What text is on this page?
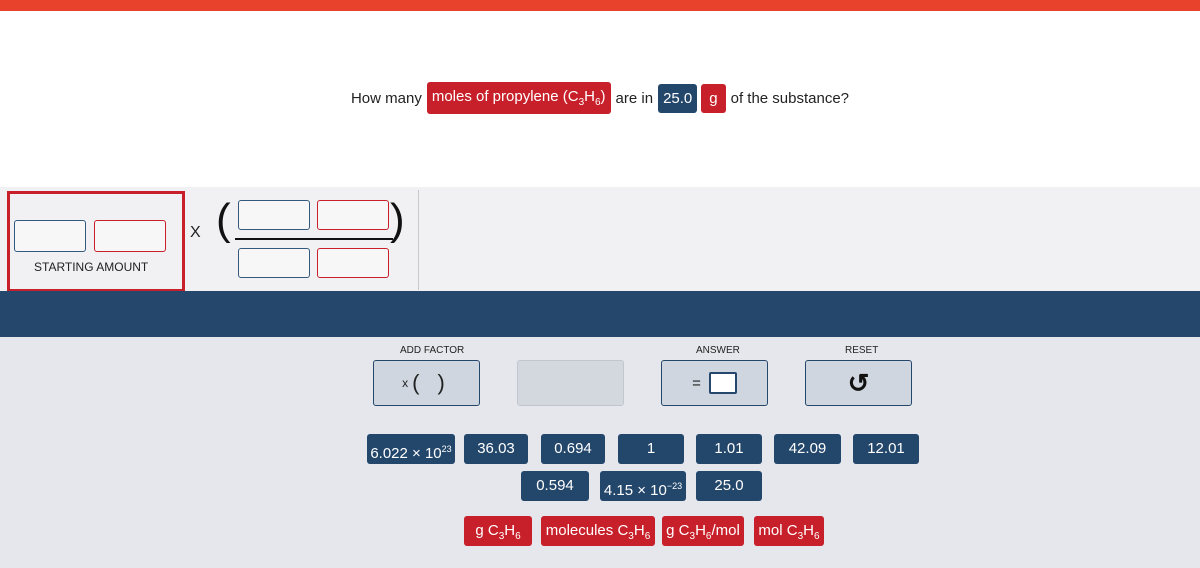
How many moles of propylene $(C_3H_6)$ are in 25.0	g of the substance?
STARTING AMOUNT
X (	)
ADD FACTOR
x ( )
ANSWER
=
RESET
↺
$6.022 \times 10^{23}$	36.03	0.694	1	1.01	42.09	12.01
0.594	$4.15 \times 10^{-23}$	25.0
g $C_3H_6$	molecules $C_3H_6$	g $C_3H_6$/mol mol $C_3H_6$
